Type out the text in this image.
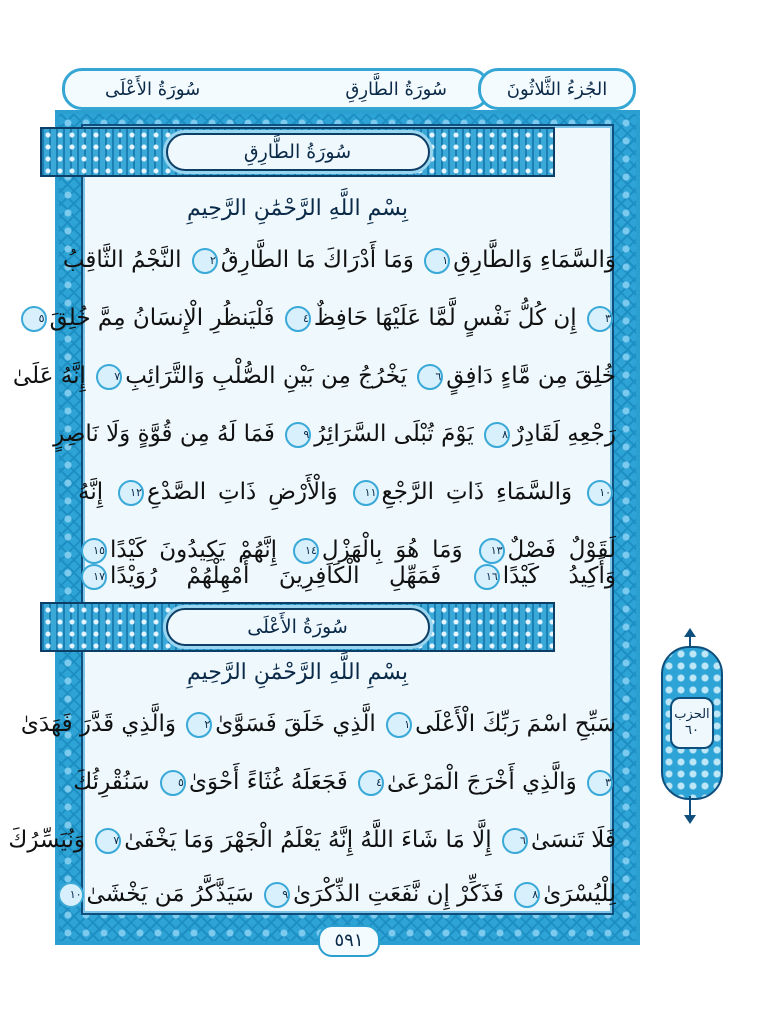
سُورَةُ الطَّارِقِ
سُورَةُ الأَعْلَى	الجُزءُ الثَّلاثُونَ
سُورَةُ الطَّارِقِ
بِسْمِ اللَّهِ الرَّحْمَٰنِ الرَّحِيمِ
وَالسَّمَاءِ وَالطَّارِقِ١ وَمَا أَدْرَاكَ مَا الطَّارِقُ٢ النَّجْمُ الثَّاقِبُ
٣ إِن كُلُّ نَفْسٍ لَّمَّا عَلَيْهَا حَافِظٌ٤ فَلْيَنظُرِ الْإِنسَانُ مِمَّ خُلِقَ٥
خُلِقَ مِن مَّاءٍ دَافِقٍ٦ يَخْرُجُ مِن بَيْنِ الصُّلْبِ وَالتَّرَائِبِ٧ إِنَّهُ عَلَىٰ
رَجْعِهِ لَقَادِرٌ٨ يَوْمَ تُبْلَى السَّرَائِرُ٩ فَمَا لَهُ مِن قُوَّةٍ وَلَا نَاصِرٍ
١٠ وَالسَّمَاءِ ذَاتِ الرَّجْعِ١١ وَالْأَرْضِ ذَاتِ الصَّدْعِ١٢ إِنَّهُ
لَقَوْلٌ فَصْلٌ١٣ وَمَا هُوَ بِالْهَزْلِ١٤ إِنَّهُمْ يَكِيدُونَ كَيْدًا١٥
وَأَكِيدُ كَيْدًا١٦ فَمَهِّلِ الْكَافِرِينَ أَمْهِلْهُمْ رُوَيْدًا١٧
سُورَةُ الأَعْلَى
بِسْمِ اللَّهِ الرَّحْمَٰنِ الرَّحِيمِ
سَبِّحِ اسْمَ رَبِّكَ الْأَعْلَى١ الَّذِي خَلَقَ فَسَوَّىٰ٢ وَالَّذِي قَدَّرَ فَهَدَىٰ
٣ وَالَّذِي أَخْرَجَ الْمَرْعَىٰ٤ فَجَعَلَهُ غُثَاءً أَحْوَىٰ٥ سَنُقْرِئُكَ
فَلَا تَنسَىٰ٦ إِلَّا مَا شَاءَ اللَّهُ إِنَّهُ يَعْلَمُ الْجَهْرَ وَمَا يَخْفَىٰ٧ وَنُيَسِّرُكَ
لِلْيُسْرَىٰ٨ فَذَكِّرْ إِن نَّفَعَتِ الذِّكْرَىٰ٩ سَيَذَّكَّرُ مَن يَخْشَىٰ١٠
٥٩١
الحزب
٦٠
